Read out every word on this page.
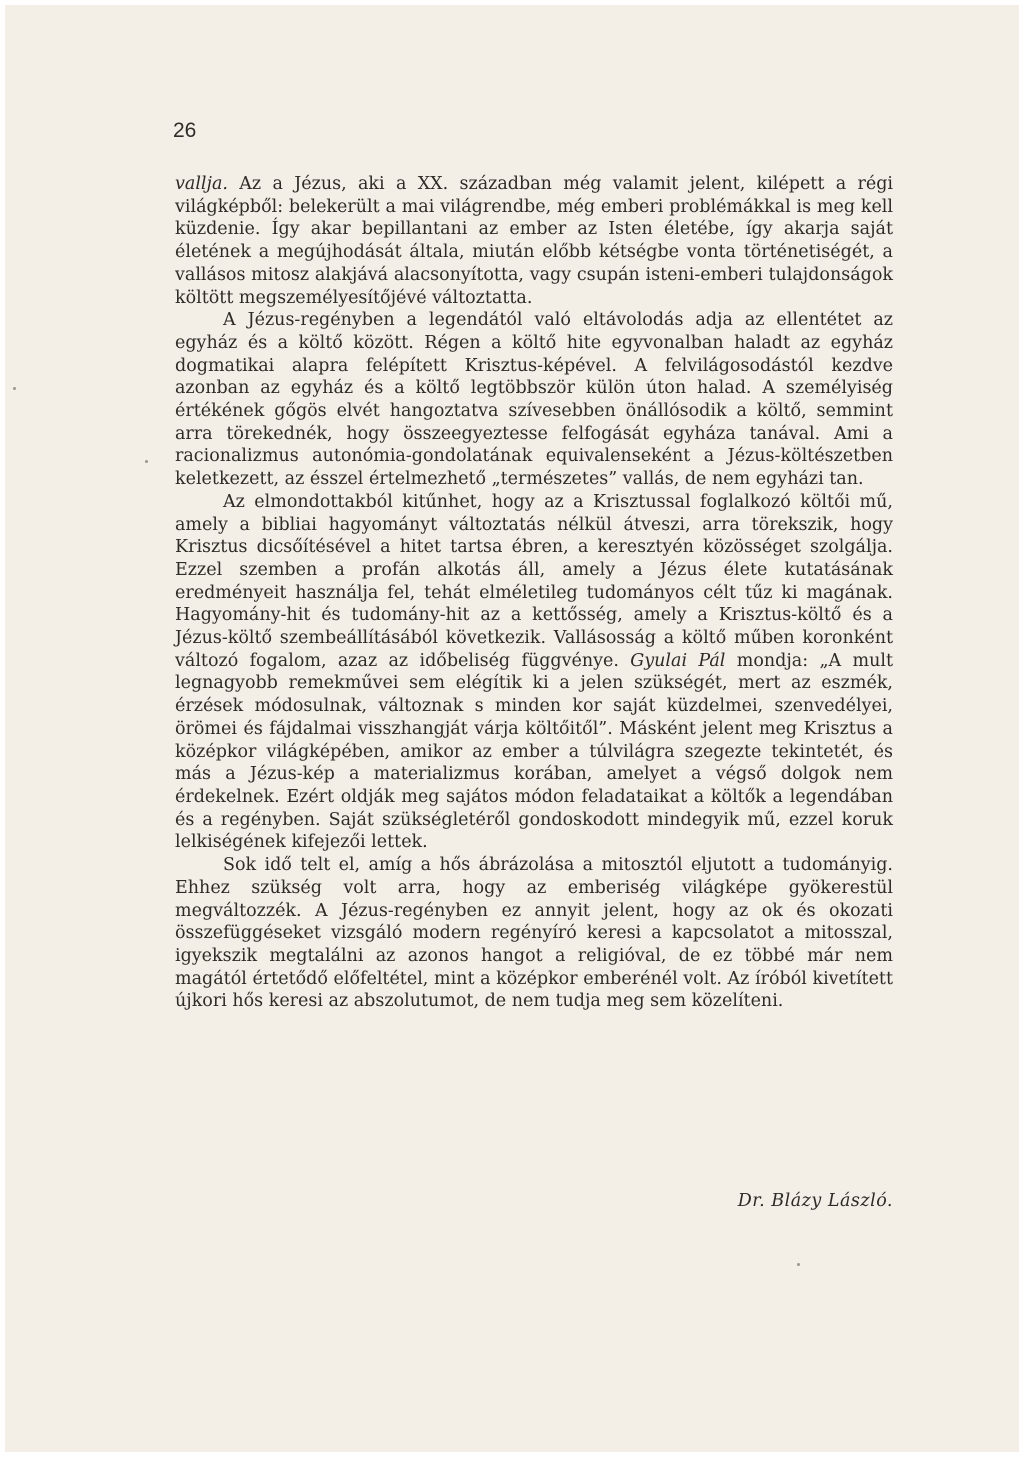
26

vallja. Az a Jézus, aki a XX. században még valamit jelent, kilépett a régi világképből: belekerült a mai világrendbe, még emberi problémákkal is meg kell küzdenie. Így akar bepillantani az ember az Isten életébe, így akarja saját életének a megújhodását általa, miután előbb kétségbe vonta történetiségét, a vallásos mitosz alakjává alacsonyította, vagy csupán isteni-emberi tulajdonságok költött megszemélyesítőjévé változtatta.

A Jézus-regényben a legendától való eltávolodás adja az ellentétet az egyház és a költő között. Régen a költő hite egyvonalban haladt az egyház dogmatikai alapra felépített Krisztus-képével. A felvilágosodástól kezdve azonban az egyház és a költő legtöbbször külön úton halad. A személyiség értékének gőgös elvét hangoztatva szívesebben önállósodik a költő, semmint arra törekednék, hogy összeegyeztesse felfogását egyháza tanával. Ami a racionalizmus autonómia-gondolatának equivalenseként a Jézus-költészetben keletkezett, az ésszel értelmezhető „természetes” vallás, de nem egyházi tan.

Az elmondottakból kitűnhet, hogy az a Krisztussal foglalkozó költői mű, amely a bibliai hagyományt változtatás nélkül átveszi, arra törekszik, hogy Krisztus dicsőítésével a hitet tartsa ébren, a keresztyén közösséget szolgálja. Ezzel szemben a profán alkotás áll, amely a Jézus élete kutatásának eredményeit használja fel, tehát elméletileg tudományos célt tűz ki magának. Hagyomány-hit és tudomány-hit az a kettősség, amely a Krisztus-költő és a Jézus-költő szembeállításából következik. Vallásosság a költő műben koronként változó fogalom, azaz az időbeliség függvénye. Gyulai Pál mondja: „A mult legnagyobb remekművei sem elégítik ki a jelen szükségét, mert az eszmék, érzések módosulnak, változnak s minden kor saját küzdelmei, szenvedélyei, örömei és fájdalmai visszhangját várja költőitől”. Másként jelent meg Krisztus a középkor világképében, amikor az ember a túlvilágra szegezte tekintetét, és más a Jézus-kép a materializmus korában, amelyet a végső dolgok nem érdekelnek. Ezért oldják meg sajátos módon feladataikat a költők a legendában és a regényben. Saját szükségletéről gondoskodott mindegyik mű, ezzel koruk lelkiségének kifejezői lettek.

Sok idő telt el, amíg a hős ábrázolása a mitosztól eljutott a tudományig. Ehhez szükség volt arra, hogy az emberiség világképe gyökerestül megváltozzék. A Jézus-regényben ez annyit jelent, hogy az ok és okozati összefüggéseket vizsgáló modern regényíró keresi a kapcsolatot a mitosszal, igyekszik megtalálni az azonos hangot a religióval, de ez többé már nem magától értetődő előfeltétel, mint a középkor emberénél volt. Az íróból kivetített újkori hős keresi az abszolutumot, de nem tudja meg sem közelíteni.

Dr. Blázy László.
